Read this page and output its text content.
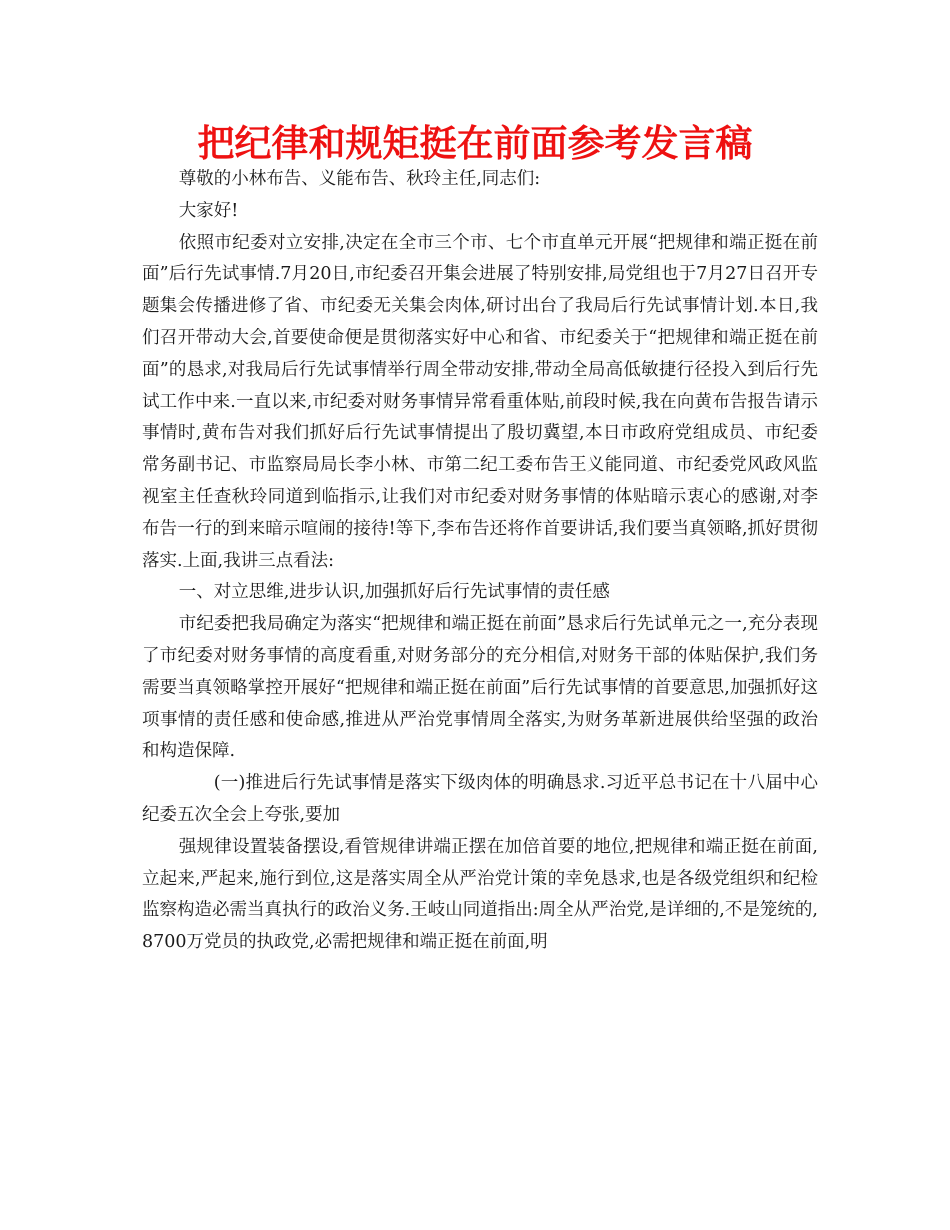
把纪律和规矩挺在前面参考发言稿

尊敬的小林布告、义能布告、秋玲主任,同志们:

大家好!

依照市纪委对立安排,决定在全市三个市、七个市直单元开展“把规律和端正挺在前面”后行先试事情.7月20日,市纪委召开集会进展了特别安排,局党组也于7月27日召开专题集会传播进修了省、市纪委无关集会肉体,研讨出台了我局后行先试事情计划.本日,我们召开带动大会,首要使命便是贯彻落实好中心和省、市纪委关于“把规律和端正挺在前面”的恳求,对我局后行先试事情举行周全带动安排,带动全局高低敏捷行径投入到后行先试工作中来.一直以来,市纪委对财务事情异常看重体贴,前段时候,我在向黄布告报告请示事情时,黄布告对我们抓好后行先试事情提出了殷切冀望,本日市政府党组成员、市纪委常务副书记、市监察局局长李小林、市第二纪工委布告王义能同道、市纪委党风政风监视室主任查秋玲同道到临指示,让我们对市纪委对财务事情的体贴暗示衷心的感谢,对李布告一行的到来暗示喧闹的接待!等下,李布告还将作首要讲话,我们要当真领略,抓好贯彻落实.上面,我讲三点看法:

一、对立思维,进步认识,加强抓好后行先试事情的责任感

市纪委把我局确定为落实“把规律和端正挺在前面”恳求后行先试单元之一,充分表现了市纪委对财务事情的高度看重,对财务部分的充分相信,对财务干部的体贴保护,我们务需要当真领略掌控开展好“把规律和端正挺在前面”后行先试事情的首要意思,加强抓好这项事情的责任感和使命感,推进从严治党事情周全落实,为财务革新进展供给坚强的政治和构造保障.

(一)推进后行先试事情是落实下级肉体的明确恳求.习近平总书记在十八届中心纪委五次全会上夸张,要加

强规律设置装备摆设,看管规律讲端正摆在加倍首要的地位,把规律和端正挺在前面,立起来,严起来,施行到位,这是落实周全从严治党计策的幸免恳求,也是各级党组织和纪检监察构造必需当真执行的政治义务.王岐山同道指出:周全从严治党,是详细的,不是笼统的,8700万党员的执政党,必需把规律和端正挺在前面,明
